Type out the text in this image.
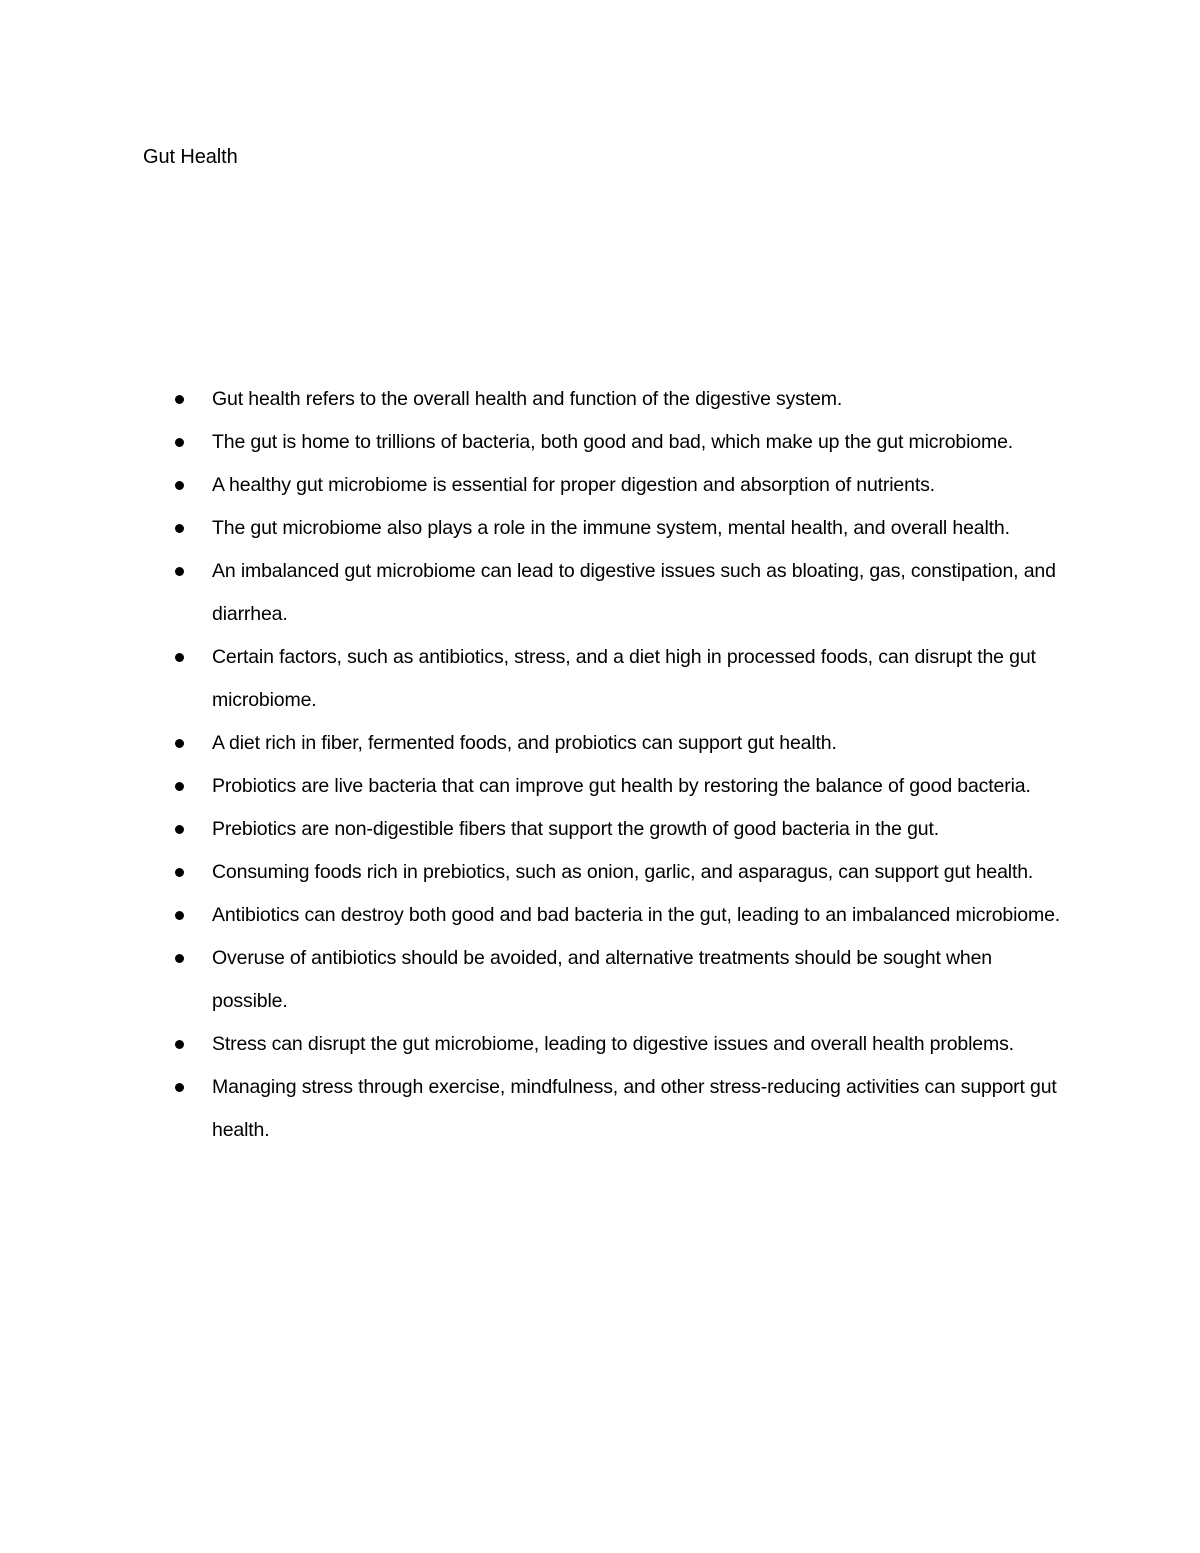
Gut Health
Gut health refers to the overall health and function of the digestive system.
The gut is home to trillions of bacteria, both good and bad, which make up the gut microbiome.
A healthy gut microbiome is essential for proper digestion and absorption of nutrients.
The gut microbiome also plays a role in the immune system, mental health, and overall health.
An imbalanced gut microbiome can lead to digestive issues such as bloating, gas, constipation, and diarrhea.
Certain factors, such as antibiotics, stress, and a diet high in processed foods, can disrupt the gut microbiome.
A diet rich in fiber, fermented foods, and probiotics can support gut health.
Probiotics are live bacteria that can improve gut health by restoring the balance of good bacteria.
Prebiotics are non-digestible fibers that support the growth of good bacteria in the gut.
Consuming foods rich in prebiotics, such as onion, garlic, and asparagus, can support gut health.
Antibiotics can destroy both good and bad bacteria in the gut, leading to an imbalanced microbiome.
Overuse of antibiotics should be avoided, and alternative treatments should be sought when possible.
Stress can disrupt the gut microbiome, leading to digestive issues and overall health problems.
Managing stress through exercise, mindfulness, and other stress-reducing activities can support gut health.
